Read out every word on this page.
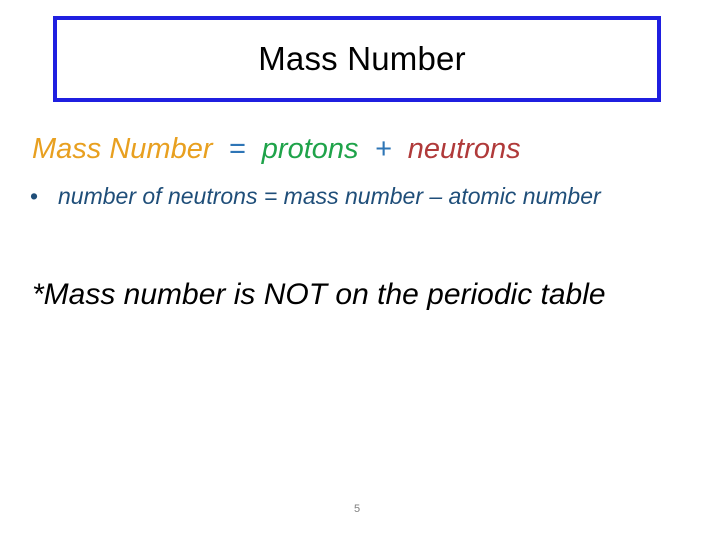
Mass Number
Mass Number = protons + neutrons
• number of neutrons = mass number – atomic number
*Mass number is NOT on the periodic table
5
